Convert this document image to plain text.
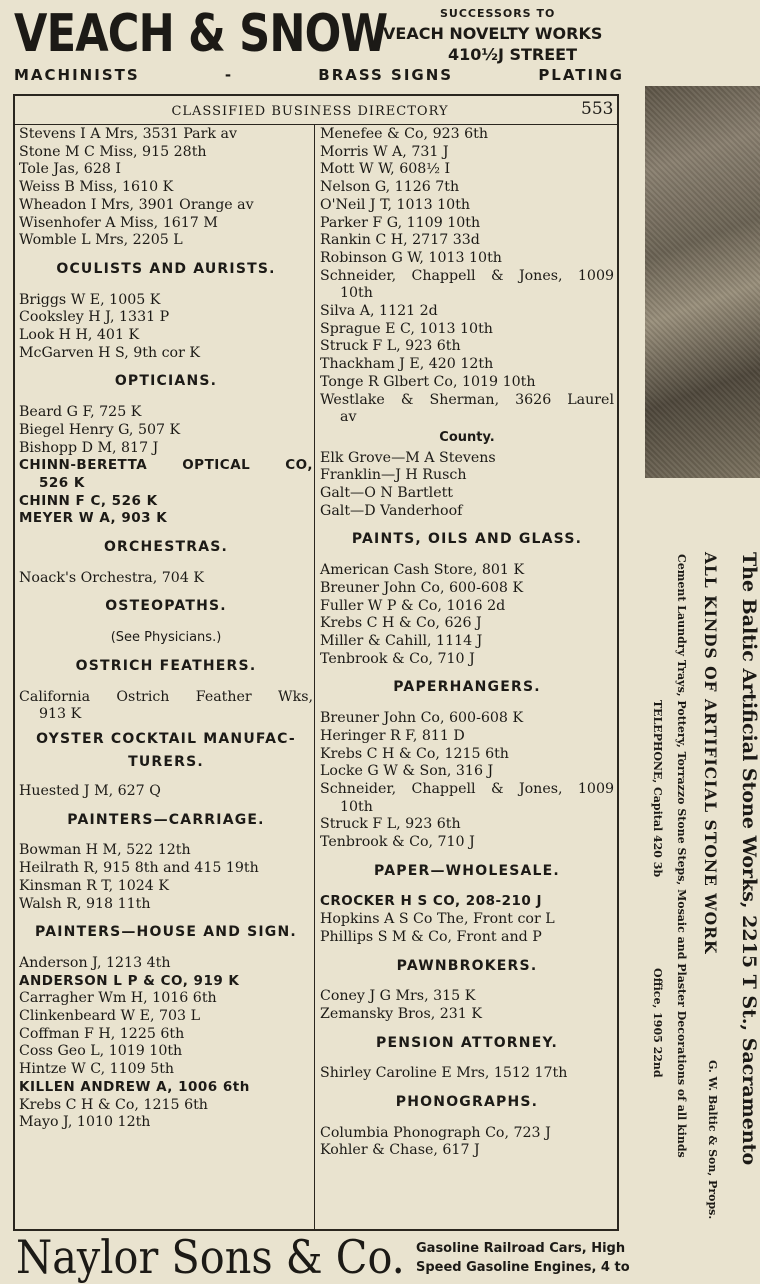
VEACH & SNOW	SUCCESSORS TO
VEACH NOVELTY WORKS
410½J STREET
MACHINISTS	-	BRASS SIGNS	PLATING
CLASSIFIED BUSINESS DIRECTORY	553
Stevens I A Mrs, 3531 Park av
Stone M C Miss, 915 28th
Tole Jas, 628 I
Weiss B Miss, 1610 K
Wheadon I Mrs, 3901 Orange av
Wisenhofer A Miss, 1617 M
Womble L Mrs, 2205 L
OCULISTS AND AURISTS.
Briggs W E, 1005 K
Cooksley H J, 1331 P
Look H H, 401 K
McGarven H S, 9th cor K
OPTICIANS.
Beard G F, 725 K
Biegel Henry G, 507 K
Bishopp D M, 817 J
CHINN-BERETTA OPTICAL CO,
526 K
CHINN F C, 526 K
MEYER W A, 903 K
ORCHESTRAS.
Noack's Orchestra, 704 K
OSTEOPATHS.
(See Physicians.)
OSTRICH FEATHERS.
California Ostrich Feather Wks,
913 K
OYSTER COCKTAIL MANUFAC-
TURERS.
Huested J M, 627 Q
PAINTERS—CARRIAGE.
Bowman H M, 522 12th
Heilrath R, 915 8th and 415 19th
Kinsman R T, 1024 K
Walsh R, 918 11th
PAINTERS—HOUSE AND SIGN.
Anderson J, 1213 4th
ANDERSON L P & CO, 919 K
Carragher Wm H, 1016 6th
Clinkenbeard W E, 703 L
Coffman F H, 1225 6th
Coss Geo L, 1019 10th
Hintze W C, 1109 5th
KILLEN ANDREW A, 1006 6th
Krebs C H & Co, 1215 6th
Mayo J, 1010 12th
Menefee & Co, 923 6th
Morris W A, 731 J
Mott W W, 608½ I
Nelson G, 1126 7th
O'Neil J T, 1013 10th
Parker F G, 1109 10th
Rankin C H, 2717 33d
Robinson G W, 1013 10th
Schneider, Chappell & Jones, 1009
10th
Silva A, 1121 2d
Sprague E C, 1013 10th
Struck F L, 923 6th
Thackham J E, 420 12th
Tonge R Glbert Co, 1019 10th
Westlake & Sherman, 3626 Laurel
av
County.
Elk Grove—M A Stevens
Franklin—J H Rusch
Galt—O N Bartlett
Galt—D Vanderhoof
PAINTS, OILS AND GLASS.
American Cash Store, 801 K
Breuner John Co, 600-608 K
Fuller W P & Co, 1016 2d
Krebs C H & Co, 626 J
Miller & Cahill, 1114 J
Tenbrook & Co, 710 J
PAPERHANGERS.
Breuner John Co, 600-608 K
Heringer R F, 811 D
Krebs C H & Co, 1215 6th
Locke G W & Son, 316 J
Schneider, Chappell & Jones, 1009
10th
Struck F L, 923 6th
Tenbrook & Co, 710 J
PAPER—WHOLESALE.
CROCKER H S CO, 208-210 J
Hopkins A S Co The, Front cor L
Phillips S M & Co, Front and P
PAWNBROKERS.
Coney J G Mrs, 315 K
Zemansky Bros, 231 K
PENSION ATTORNEY.
Shirley Caroline E Mrs, 1512 17th
PHONOGRAPHS.
Columbia Phonograph Co, 723 J
Kohler & Chase, 617 J	The Baltic Artificial Stone Works, 2215 T St., Sacramento
ALL KINDS OF ARTIFICIAL STONE WORK
Cement Laundry Trays, Pottery, Torrazzo Stone Steps, Mosaic and Plaster Decorations of all kinds
TELEPHONE, Capital 420 3b
G. W. Baltic & Son, Props.
Office, 1905 22nd
Naylor Sons & Co. Gasoline Railroad Cars, High
Speed Gasoline Engines, 4 to
